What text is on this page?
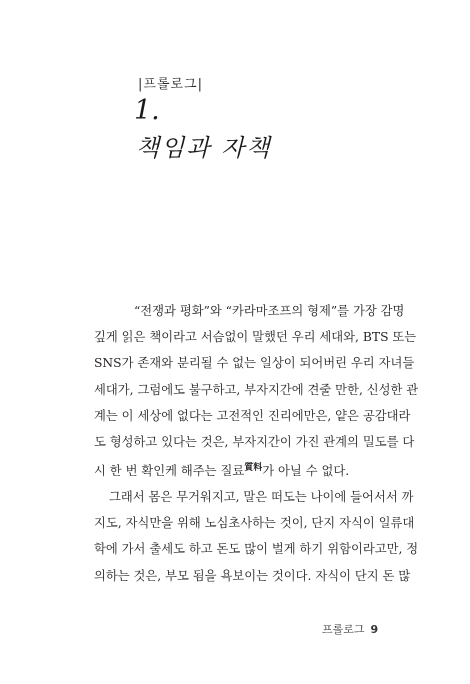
|프롤로그|
1.
책임과 자책
“전쟁과 평화”와 “카라마조프의 형제”를 가장 감명
깊게 읽은 책이라고 서슴없이 말했던 우리 세대와, BTS 또는
SNS가 존재와 분리될 수 없는 일상이 되어버린 우리 자녀들
세대가, 그럼에도 불구하고, 부자지간에 견줄 만한, 신성한 관
계는 이 세상에 없다는 고전적인 진리에만은, 얕은 공감대라
도 형성하고 있다는 것은, 부자지간이 가진 관계의 밀도를 다
시 한 번 확인케 해주는 질료$^{質料}$가 아닐 수 없다.
그래서 몸은 무거워지고, 말은 떠도는 나이에 들어서서 까
지도, 자식만을 위해 노심초사하는 것이, 단지 자식이 일류대
학에 가서 출세도 하고 돈도 많이 벌게 하기 위함이라고만, 정
의하는 것은, 부모 됨을 욕보이는 것이다. 자식이 단지 돈 많
프롤로그 9
